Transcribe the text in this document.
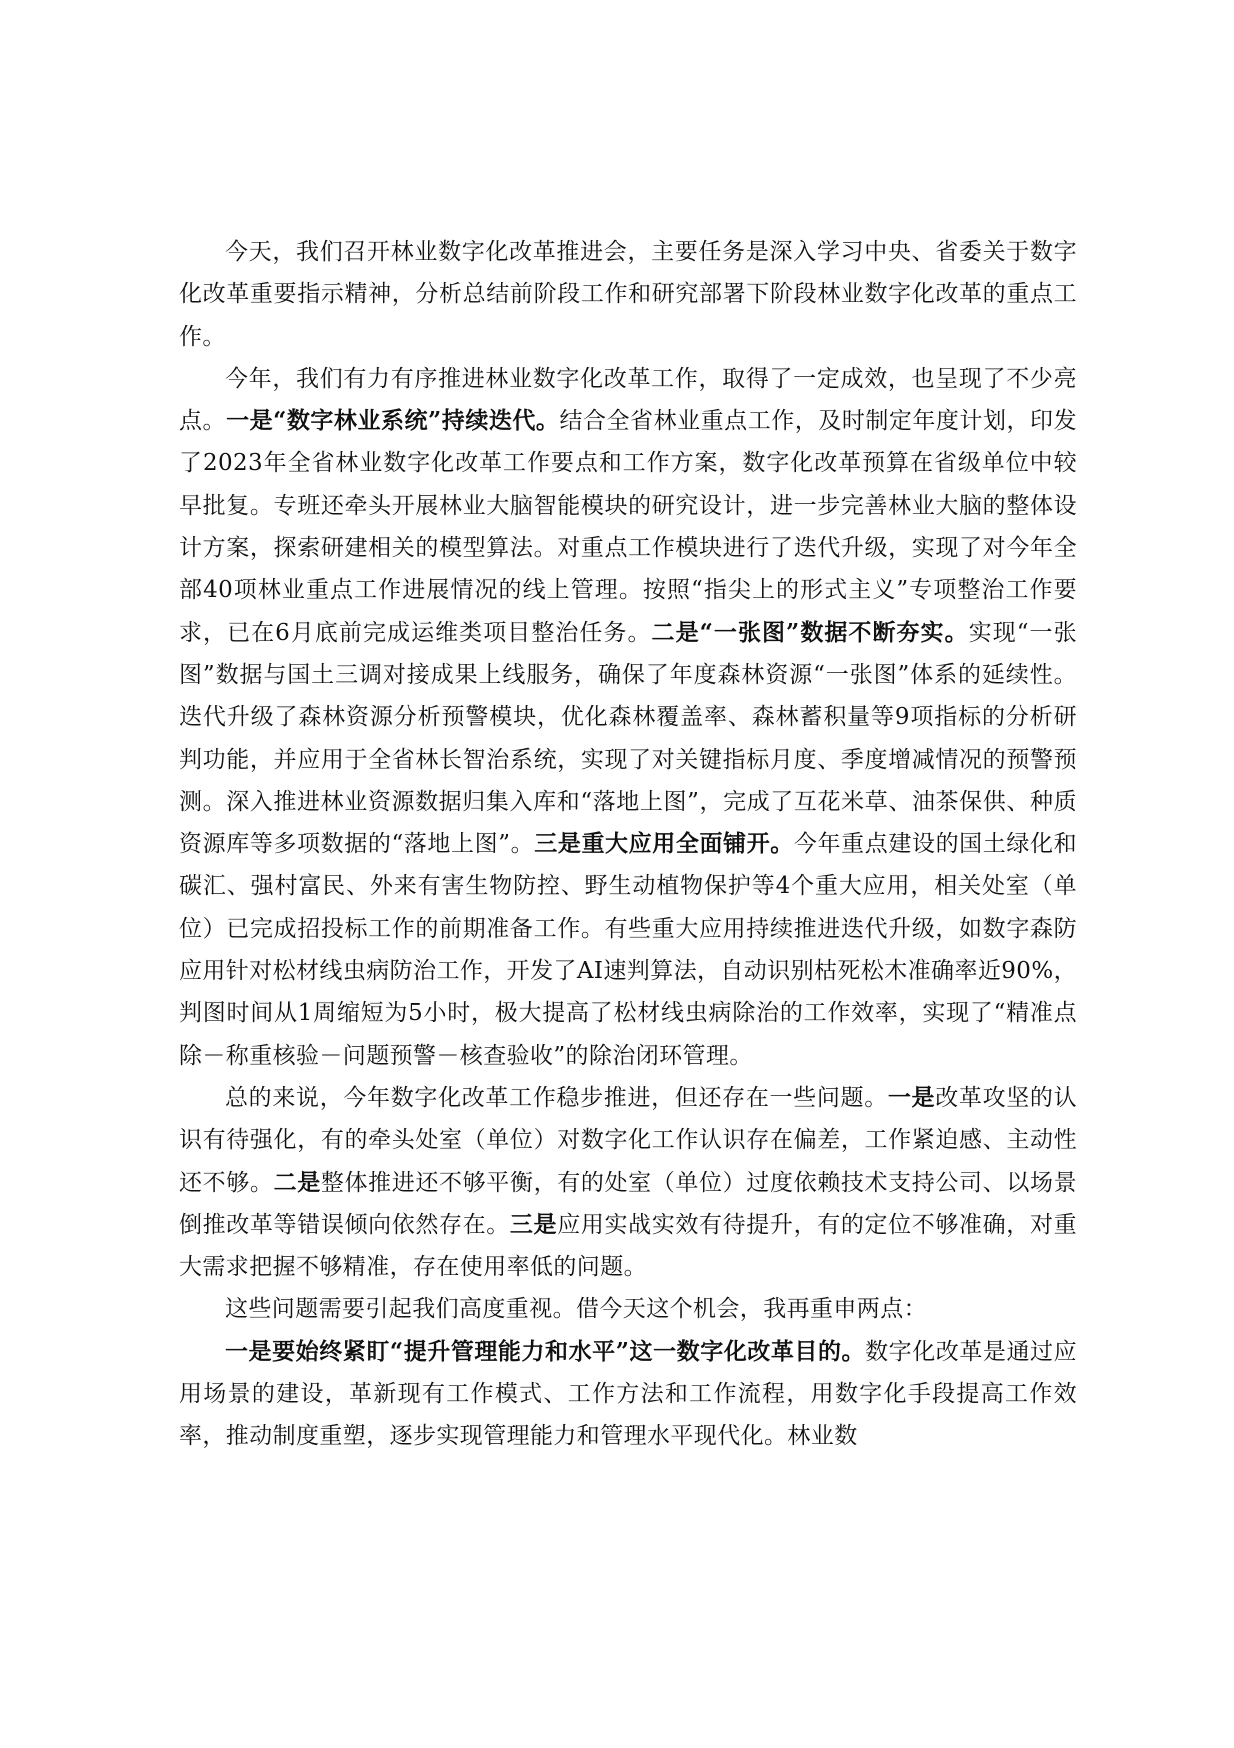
今天，我们召开林业数字化改革推进会，主要任务是深入学习中央、省委关于数字化改革重要指示精神，分析总结前阶段工作和研究部署下阶段林业数字化改革的重点工作。

今年，我们有力有序推进林业数字化改革工作，取得了一定成效，也呈现了不少亮点。一是“数字林业系统”持续迭代。结合全省林业重点工作，及时制定年度计划，印发了2023年全省林业数字化改革工作要点和工作方案，数字化改革预算在省级单位中较早批复。专班还牵头开展林业大脑智能模块的研究设计，进一步完善林业大脑的整体设计方案，探索研建相关的模型算法。对重点工作模块进行了迭代升级，实现了对今年全部40项林业重点工作进展情况的线上管理。按照“指尖上的形式主义”专项整治工作要求，已在6月底前完成运维类项目整治任务。二是“一张图”数据不断夯实。实现“一张图”数据与国土三调对接成果上线服务，确保了年度森林资源“一张图”体系的延续性。迭代升级了森林资源分析预警模块，优化森林覆盖率、森林蓄积量等9项指标的分析研判功能，并应用于全省林长智治系统，实现了对关键指标月度、季度增减情况的预警预测。深入推进林业资源数据归集入库和“落地上图”，完成了互花米草、油茶保供、种质资源库等多项数据的“落地上图”。三是重大应用全面铺开。今年重点建设的国土绿化和碳汇、强村富民、外来有害生物防控、野生动植物保护等4个重大应用，相关处室（单位）已完成招投标工作的前期准备工作。有些重大应用持续推进迭代升级，如数字森防应用针对松材线虫病防治工作，开发了AI速判算法，自动识别枯死松木准确率近90%，判图时间从1周缩短为5小时，极大提高了松材线虫病除治的工作效率，实现了“精准点除－称重核验－问题预警－核查验收”的除治闭环管理。

总的来说，今年数字化改革工作稳步推进，但还存在一些问题。一是改革攻坚的认识有待强化，有的牵头处室（单位）对数字化工作认识存在偏差，工作紧迫感、主动性还不够。二是整体推进还不够平衡，有的处室（单位）过度依赖技术支持公司、以场景倒推改革等错误倾向依然存在。三是应用实战实效有待提升，有的定位不够准确，对重大需求把握不够精准，存在使用率低的问题。

这些问题需要引起我们高度重视。借今天这个机会，我再重申两点：

一是要始终紧盯“提升管理能力和水平”这一数字化改革目的。数字化改革是通过应用场景的建设，革新现有工作模式、工作方法和工作流程，用数字化手段提高工作效率，推动制度重塑，逐步实现管理能力和管理水平现代化。林业数
